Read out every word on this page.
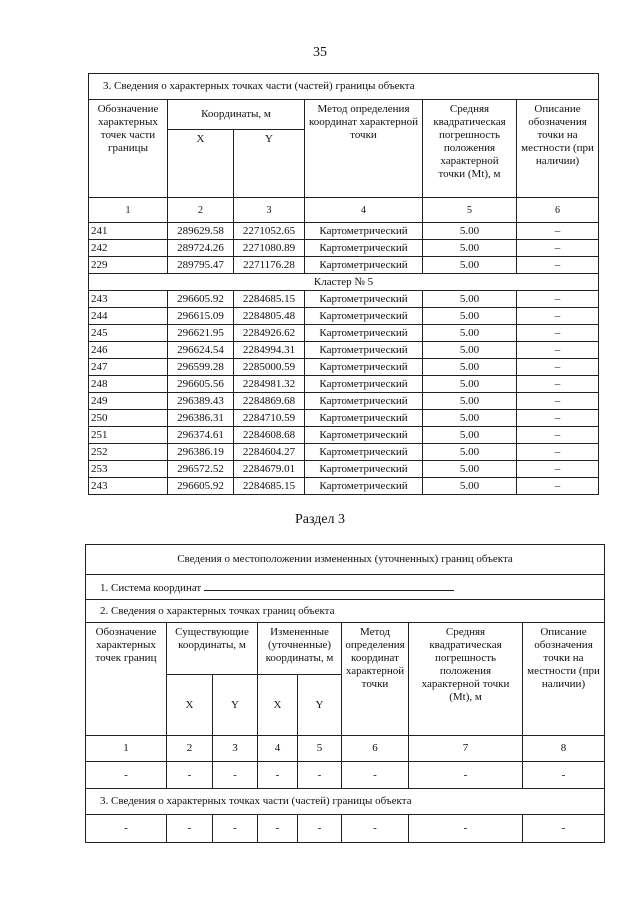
35
3. Сведения о характерных точках части (частей) границы объекта					
Обозначение характерных точек части границы	Координаты, м		Метод определения координат характерной точки	Средняя квадратическая погрешность положения характерной точки (Mt), м	Описание обозначения точки на местности (при наличии)
	X	Y			
1	2	3	4	5	6
241	289629.58	2271052.65	Картометрический	5.00	–
242	289724.26	2271080.89	Картометрический	5.00	–
229	289795.47	2271176.28	Картометрический	5.00	–
Кластер № 5					
243	296605.92	2284685.15	Картометрический	5.00	–
244	296615.09	2284805.48	Картометрический	5.00	–
245	296621.95	2284926.62	Картометрический	5.00	–
246	296624.54	2284994.31	Картометрический	5.00	–
247	296599.28	2285000.59	Картометрический	5.00	–
248	296605.56	2284981.32	Картометрический	5.00	–
249	296389.43	2284869.68	Картометрический	5.00	–
250	296386.31	2284710.59	Картометрический	5.00	–
251	296374.61	2284608.68	Картометрический	5.00	–
252	296386.19	2284604.27	Картометрический	5.00	–
253	296572.52	2284679.01	Картометрический	5.00	–
243	296605.92	2284685.15	Картометрический	5.00	–
Раздел 3
Сведения о местоположении измененных (уточненных) границ объекта							
1. Система координат							
2. Сведения о характерных точках границ объекта							
Обозначение характерных точек границ	Существующие координаты, м		Измененные (уточненные) координаты, м		Метод определения координат характерной точки	Средняя квадратическая погрешность положения характерной точки (Mt), м	Описание обозначения точки на местности (при наличии)
	X	Y	X	Y			
1	2	3	4	5	6	7	8
-	-	-	-	-	-	-	-
3. Сведения о характерных точках части (частей) границы объекта							
-	-	-	-	-	-	-	-
